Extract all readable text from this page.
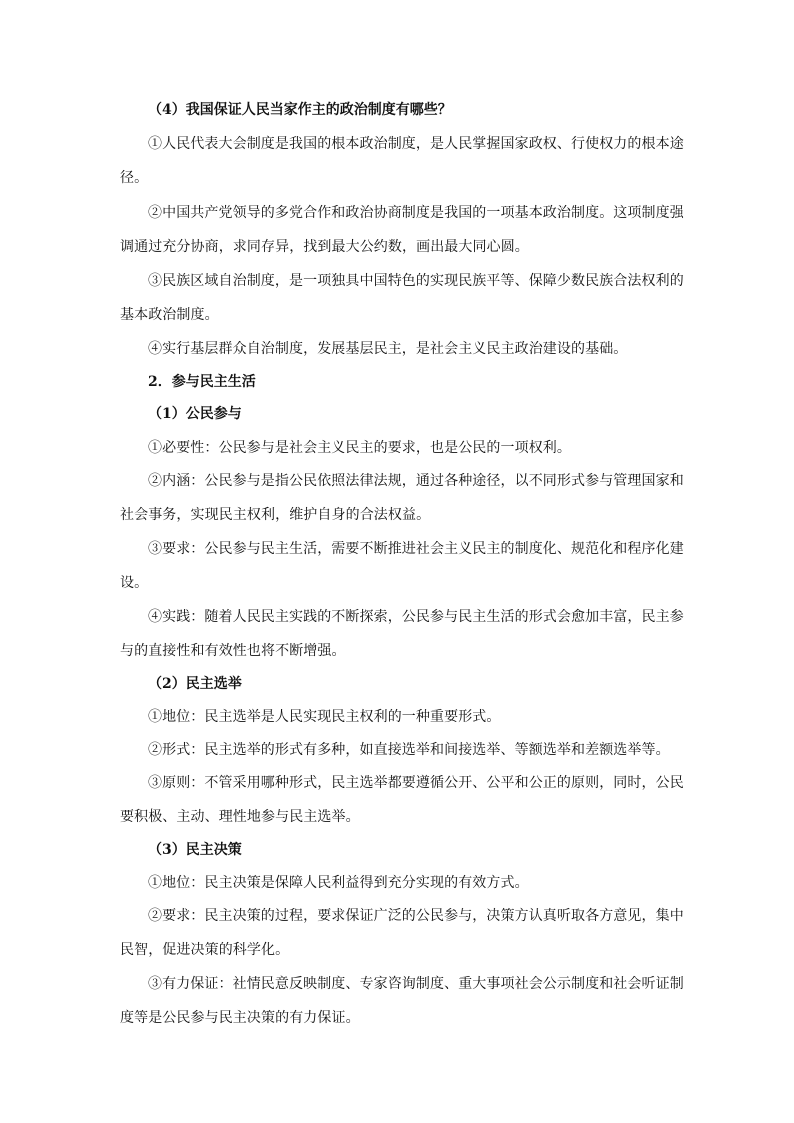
（4）我国保证人民当家作主的政治制度有哪些？
①人民代表大会制度是我国的根本政治制度，是人民掌握国家政权、行使权力的根本途
径。
②中国共产党领导的多党合作和政治协商制度是我国的一项基本政治制度。这项制度强
调通过充分协商，求同存异，找到最大公约数，画出最大同心圆。
③民族区域自治制度，是一项独具中国特色的实现民族平等、保障少数民族合法权利的
基本政治制度。
④实行基层群众自治制度，发展基层民主，是社会主义民主政治建设的基础。
2．参与民主生活
（1）公民参与
①必要性：公民参与是社会主义民主的要求，也是公民的一项权利。
②内涵：公民参与是指公民依照法律法规，通过各种途径，以不同形式参与管理国家和
社会事务，实现民主权利，维护自身的合法权益。
③要求：公民参与民主生活，需要不断推进社会主义民主的制度化、规范化和程序化建
设。
④实践：随着人民民主实践的不断探索，公民参与民主生活的形式会愈加丰富，民主参
与的直接性和有效性也将不断增强。
（2）民主选举
①地位：民主选举是人民实现民主权利的一种重要形式。
②形式：民主选举的形式有多种，如直接选举和间接选举、等额选举和差额选举等。
③原则：不管采用哪种形式，民主选举都要遵循公开、公平和公正的原则，同时，公民
要积极、主动、理性地参与民主选举。
（3）民主决策
①地位：民主决策是保障人民利益得到充分实现的有效方式。
②要求：民主决策的过程，要求保证广泛的公民参与，决策方认真听取各方意见，集中
民智，促进决策的科学化。
③有力保证：社情民意反映制度、专家咨询制度、重大事项社会公示制度和社会听证制
度等是公民参与民主决策的有力保证。
